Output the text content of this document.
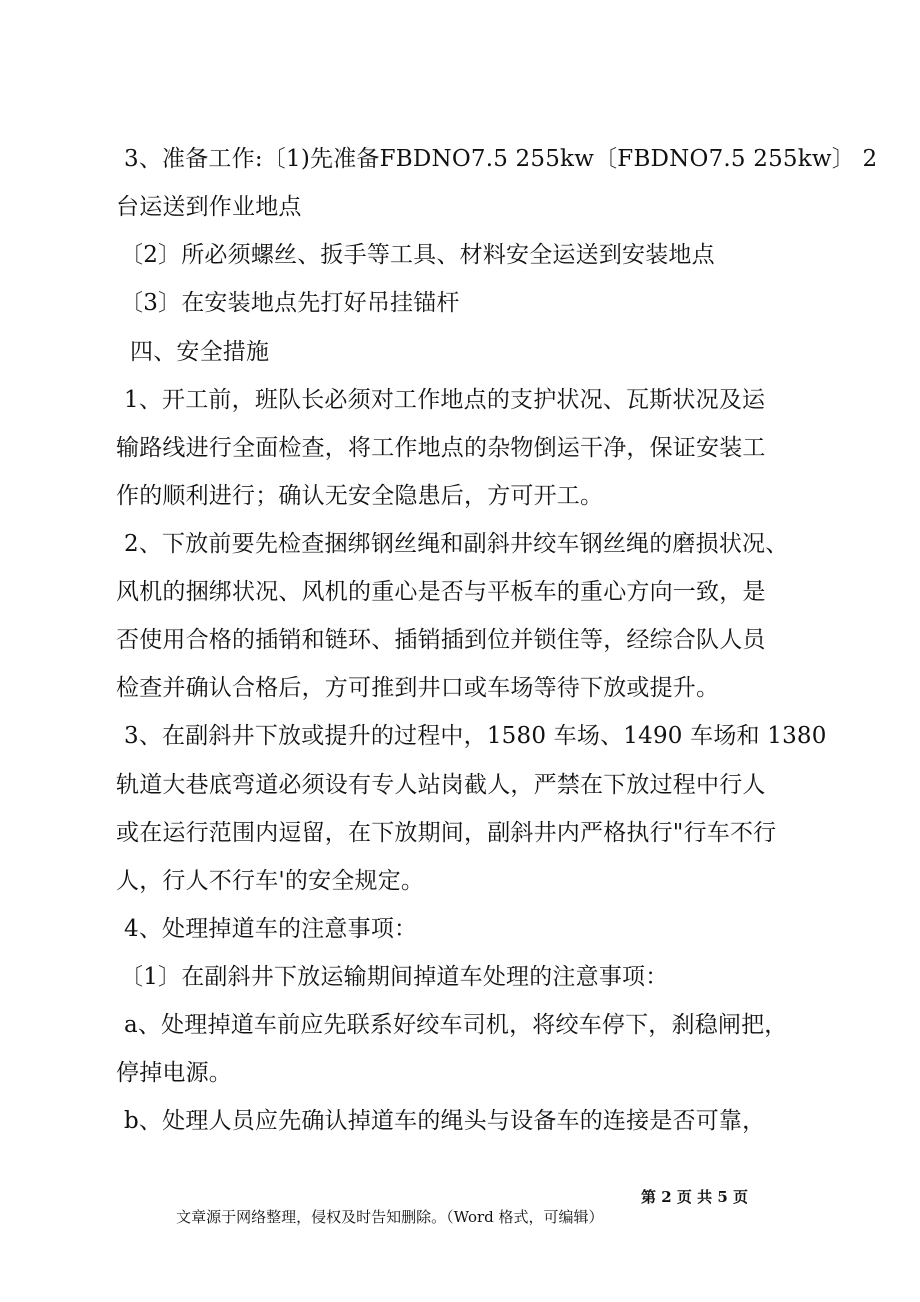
3、准备工作:〔1)先准备FBDNO7.5 255kw〔FBDNO7.5 255kw〕 2
台运送到作业地点
〔2〕所必须螺丝、扳手等工具、材料安全运送到安装地点
〔3〕在安装地点先打好吊挂锚杆
四、安全措施
1、开工前，班队长必须对工作地点的支护状况、瓦斯状况及运
输路线进行全面检查，将工作地点的杂物倒运干净，保证安装工
作的顺利进行；确认无安全隐患后，方可开工。
2、下放前要先检查捆绑钢丝绳和副斜井绞车钢丝绳的磨损状况、
风机的捆绑状况、风机的重心是否与平板车的重心方向一致，是
否使用合格的插销和链环、插销插到位并锁住等，经综合队人员
检查并确认合格后，方可推到井口或车场等待下放或提升。
3、在副斜井下放或提升的过程中，1580 车场、1490 车场和 1380
轨道大巷底弯道必须设有专人站岗截人，严禁在下放过程中行人
或在运行范围内逗留，在下放期间，副斜井内严格执行"行车不行
人，行人不行车'的安全规定。
4、处理掉道车的注意事项：
〔1〕在副斜井下放运输期间掉道车处理的注意事项：
a、处理掉道车前应先联系好绞车司机，将绞车停下，刹稳闸把，
停掉电源。
b、处理人员应先确认掉道车的绳头与设备车的连接是否可靠，

文章源于网络整理，侵权及时告知删除。（Word 格式，可编辑）

第 2 页 共 5 页
